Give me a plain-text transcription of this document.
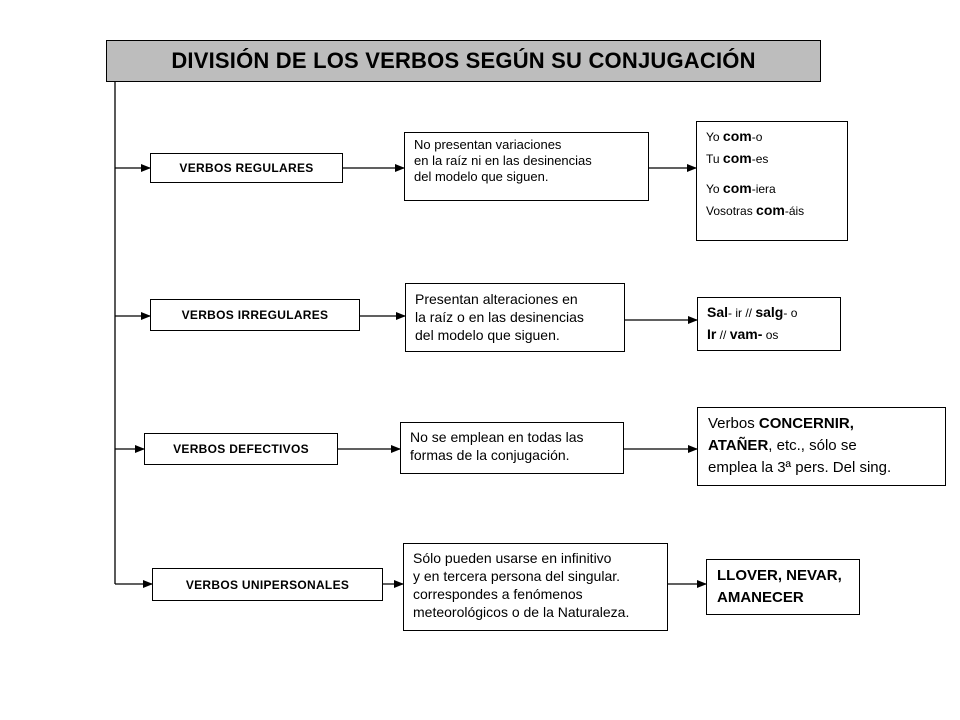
DIVISIÓN DE LOS VERBOS SEGÚN SU CONJUGACIÓN
VERBOS REGULARES
No presentan variaciones
en la raíz ni en las desinencias
del modelo que siguen.
Yo com-o
Tu com-es
Yo com-iera
Vosotras com-áis
VERBOS IRREGULARES
Presentan alteraciones en
la raíz o en las desinencias
del modelo que siguen.
Sal- ir // salg- o
Ir // vam- os
VERBOS DEFECTIVOS
No se emplean en todas las
formas de la conjugación.
Verbos CONCERNIR,
ATAÑER, etc., sólo se
emplea la 3ª pers. Del sing.
VERBOS UNIPERSONALES
Sólo pueden usarse en infinitivo
y en tercera persona del singular.
correspondes a fenómenos
meteorológicos o de la Naturaleza.
LLOVER, NEVAR,
AMANECER
